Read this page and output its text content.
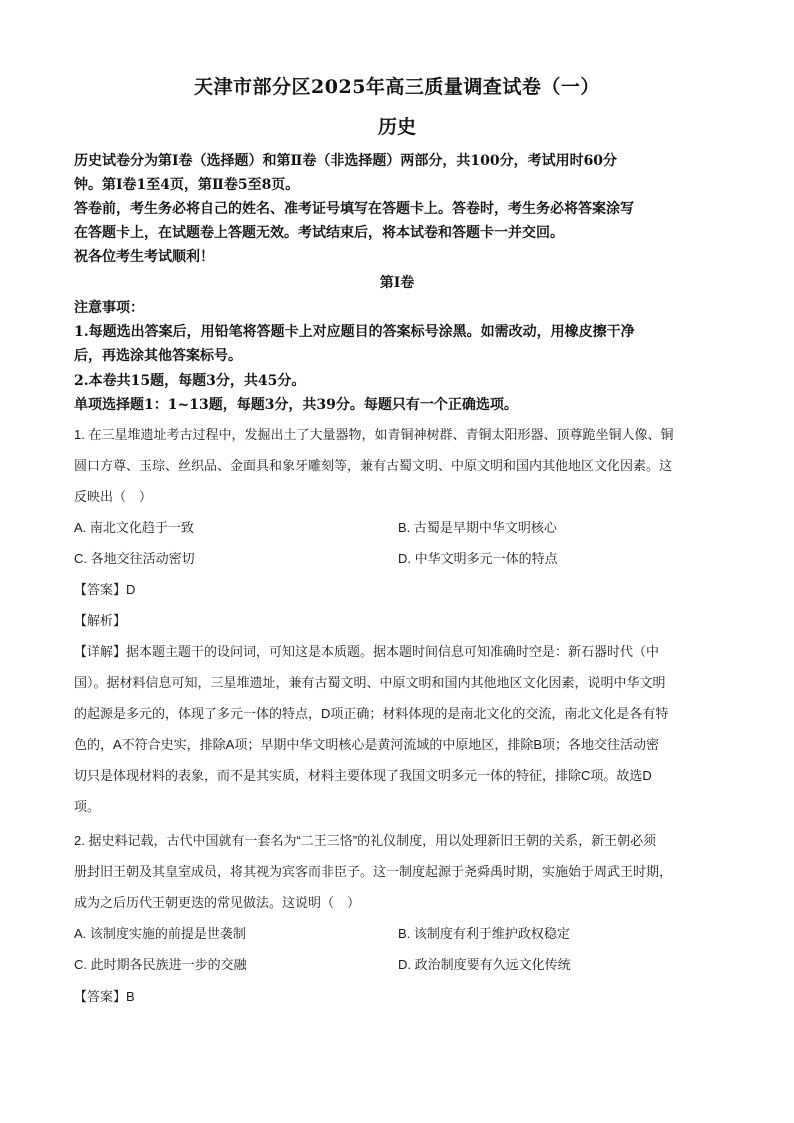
天津市部分区2025年高三质量调查试卷（一）
历史
历史试卷分为第Ⅰ卷（选择题）和第Ⅱ卷（非选择题）两部分，共100分，考试用时60分
钟。第Ⅰ卷1至4页，第Ⅱ卷5至8页。
答卷前，考生务必将自己的姓名、准考证号填写在答题卡上。答卷时，考生务必将答案涂写
在答题卡上，在试题卷上答题无效。考试结束后，将本试卷和答题卡一并交回。
祝各位考生考试顺利！
第Ⅰ卷
注意事项：
1.每题选出答案后，用铅笔将答题卡上对应题目的答案标号涂黑。如需改动，用橡皮擦干净
后，再选涂其他答案标号。
2.本卷共15题，每题3分，共45分。
单项选择题1：1~13题，每题3分，共39分。每题只有一个正确选项。
1. 在三星堆遗址考古过程中，发掘出土了大量器物，如青铜神树群、青铜太阳形器、顶尊跪坐铜人像、铜
圆口方尊、玉琮、丝织品、金面具和象牙雕刻等，兼有古蜀文明、中原文明和国内其他地区文化因素。这
反映出（　）
A. 南北文化趋于一致	B. 古蜀是早期中华文明核心
C. 各地交往活动密切	D. 中华文明多元一体的特点
【答案】D
【解析】
【详解】据本题主题干的设问词，可知这是本质题。据本题时间信息可知准确时空是：新石器时代（中
国）。据材料信息可知，三星堆遗址，兼有古蜀文明、中原文明和国内其他地区文化因素，说明中华文明
的起源是多元的，体现了多元一体的特点，D项正确；材料体现的是南北文化的交流，南北文化是各有特
色的，A不符合史实，排除A项；早期中华文明核心是黄河流域的中原地区，排除B项；各地交往活动密
切只是体现材料的表象，而不是其实质，材料主要体现了我国文明多元一体的特征，排除C项。故选D
项。
2. 据史料记载，古代中国就有一套名为“二王三恪”的礼仪制度，用以处理新旧王朝的关系，新王朝必须
册封旧王朝及其皇室成员，将其视为宾客而非臣子。这一制度起源于尧舜禹时期，实施始于周武王时期，
成为之后历代王朝更迭的常见做法。这说明（　）
A. 该制度实施的前提是世袭制	B. 该制度有利于维护政权稳定
C. 此时期各民族进一步的交融	D. 政治制度要有久远文化传统
【答案】B
